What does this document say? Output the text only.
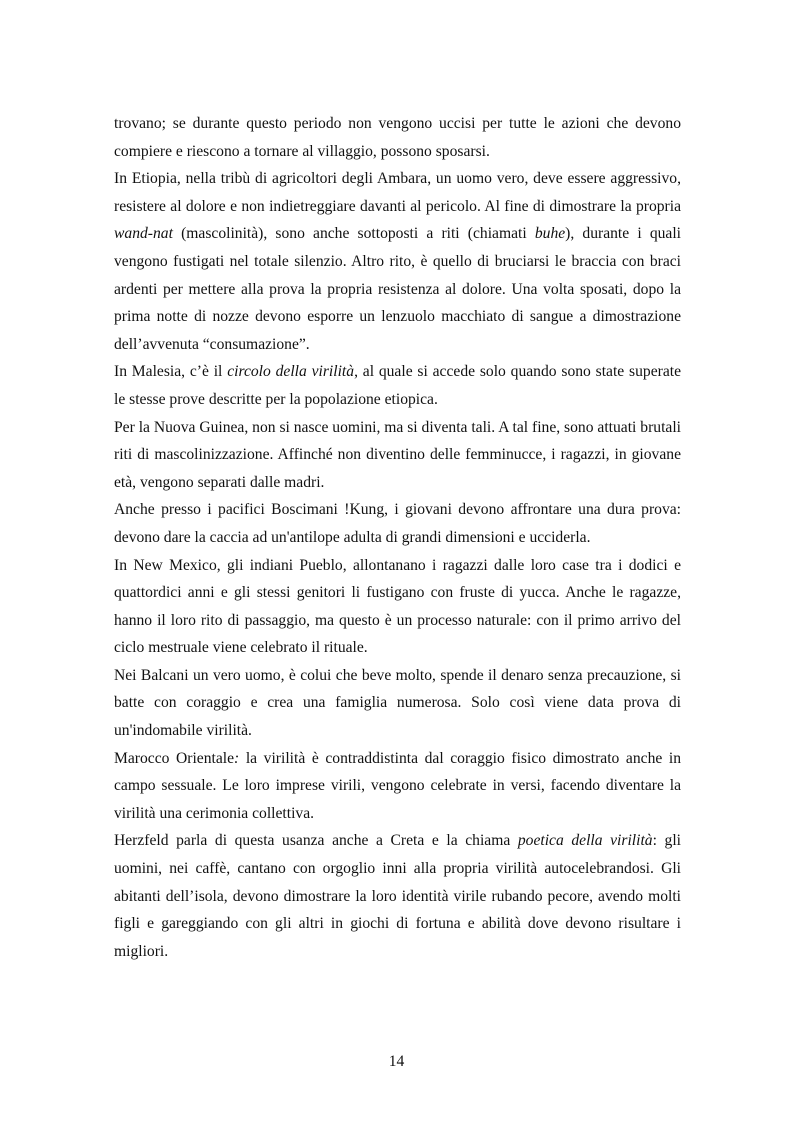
trovano; se durante questo periodo non vengono uccisi per tutte le azioni che devono compiere e riescono a tornare al villaggio, possono sposarsi.

In Etiopia, nella tribù di agricoltori degli Ambara, un uomo vero, deve essere aggressivo, resistere al dolore e non indietreggiare davanti al pericolo. Al fine di dimostrare la propria wand-nat (mascolinità), sono anche sottoposti a riti (chiamati buhe), durante i quali vengono fustigati nel totale silenzio. Altro rito, è quello di bruciarsi le braccia con braci ardenti per mettere alla prova la propria resistenza al dolore. Una volta sposati, dopo la prima notte di nozze devono esporre un lenzuolo macchiato di sangue a dimostrazione dell’avvenuta “consumazione”.

In Malesia, c’è il circolo della virilità, al quale si accede solo quando sono state superate le stesse prove descritte per la popolazione etiopica.

Per la Nuova Guinea, non si nasce uomini, ma si diventa tali. A tal fine, sono attuati brutali riti di mascolinizzazione. Affinché non diventino delle femminucce, i ragazzi, in giovane età, vengono separati dalle madri.

Anche presso i pacifici Boscimani !Kung, i giovani devono affrontare una dura prova: devono dare la caccia ad un'antilope adulta di grandi dimensioni e ucciderla.

In New Mexico, gli indiani Pueblo, allontanano i ragazzi dalle loro case tra i dodici e quattordici anni e gli stessi genitori li fustigano con fruste di yucca. Anche le ragazze, hanno il loro rito di passaggio, ma questo è un processo naturale: con il primo arrivo del ciclo mestruale viene celebrato il rituale.

Nei Balcani un vero uomo, è colui che beve molto, spende il denaro senza precauzione, si batte con coraggio e crea una famiglia numerosa. Solo così viene data prova di un'indomabile virilità.

Marocco Orientale: la virilità è contraddistinta dal coraggio fisico dimostrato anche in campo sessuale. Le loro imprese virili, vengono celebrate in versi, facendo diventare la virilità una cerimonia collettiva.

Herzfeld parla di questa usanza anche a Creta e la chiama poetica della virilità: gli uomini, nei caffè, cantano con orgoglio inni alla propria virilità autocelebrandosi. Gli abitanti dell’isola, devono dimostrare la loro identità virile rubando pecore, avendo molti figli e gareggiando con gli altri in giochi di fortuna e abilità dove devono risultare i migliori.

14
